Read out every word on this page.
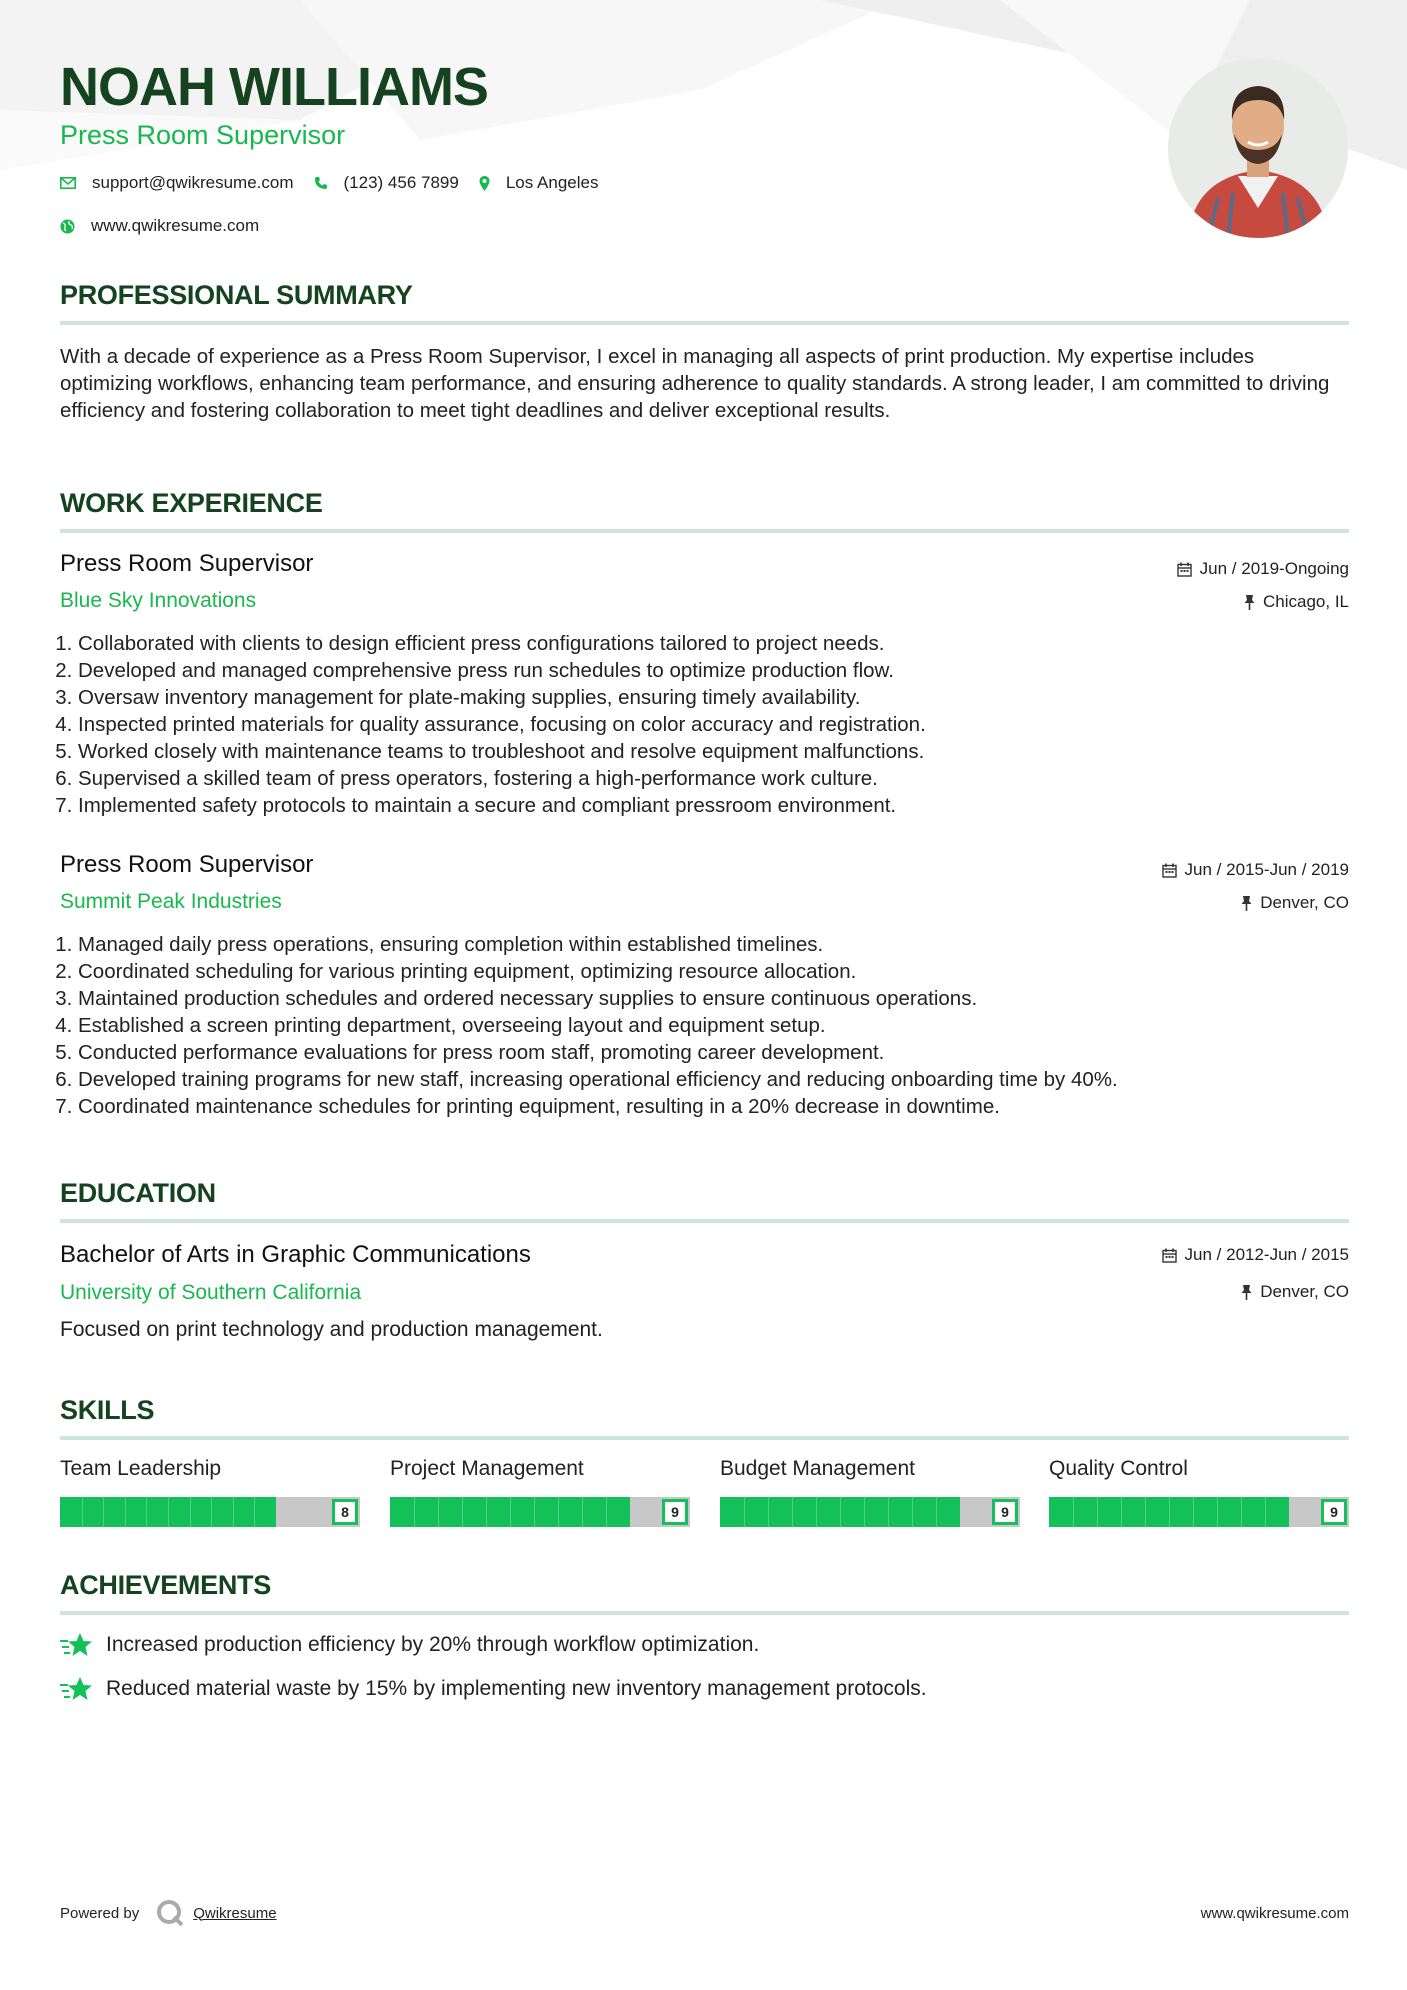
NOAH WILLIAMS
Press Room Supervisor
support@qwikresume.com	(123) 456 7899	Los Angeles
www.qwikresume.com
PROFESSIONAL SUMMARY
With a decade of experience as a Press Room Supervisor, I excel in managing all aspects of print production. My expertise includes optimizing workflows, enhancing team performance, and ensuring adherence to quality standards. A strong leader, I am committed to driving efficiency and fostering collaboration to meet tight deadlines and deliver exceptional results.
WORK EXPERIENCE
Press Room Supervisor
Blue Sky Innovations
Jun / 2019-Ongoing
Chicago, IL
1. Collaborated with clients to design efficient press configurations tailored to project needs.
2. Developed and managed comprehensive press run schedules to optimize production flow.
3. Oversaw inventory management for plate-making supplies, ensuring timely availability.
4. Inspected printed materials for quality assurance, focusing on color accuracy and registration.
5. Worked closely with maintenance teams to troubleshoot and resolve equipment malfunctions.
6. Supervised a skilled team of press operators, fostering a high-performance work culture.
7. Implemented safety protocols to maintain a secure and compliant pressroom environment.
Press Room Supervisor
Summit Peak Industries
Jun / 2015-Jun / 2019
Denver, CO
1. Managed daily press operations, ensuring completion within established timelines.
2. Coordinated scheduling for various printing equipment, optimizing resource allocation.
3. Maintained production schedules and ordered necessary supplies to ensure continuous operations.
4. Established a screen printing department, overseeing layout and equipment setup.
5. Conducted performance evaluations for press room staff, promoting career development.
6. Developed training programs for new staff, increasing operational efficiency and reducing onboarding time by 40%.
7. Coordinated maintenance schedules for printing equipment, resulting in a 20% decrease in downtime.
EDUCATION
Bachelor of Arts in Graphic Communications
University of Southern California
Jun / 2012-Jun / 2015
Denver, CO
Focused on print technology and production management.
SKILLS
Team Leadership
8
Project Management
9
Budget Management
9
Quality Control
9
ACHIEVEMENTS
Increased production efficiency by 20% through workflow optimization.
Reduced material waste by 15% by implementing new inventory management protocols.
Powered by	Qwikresume	www.qwikresume.com
